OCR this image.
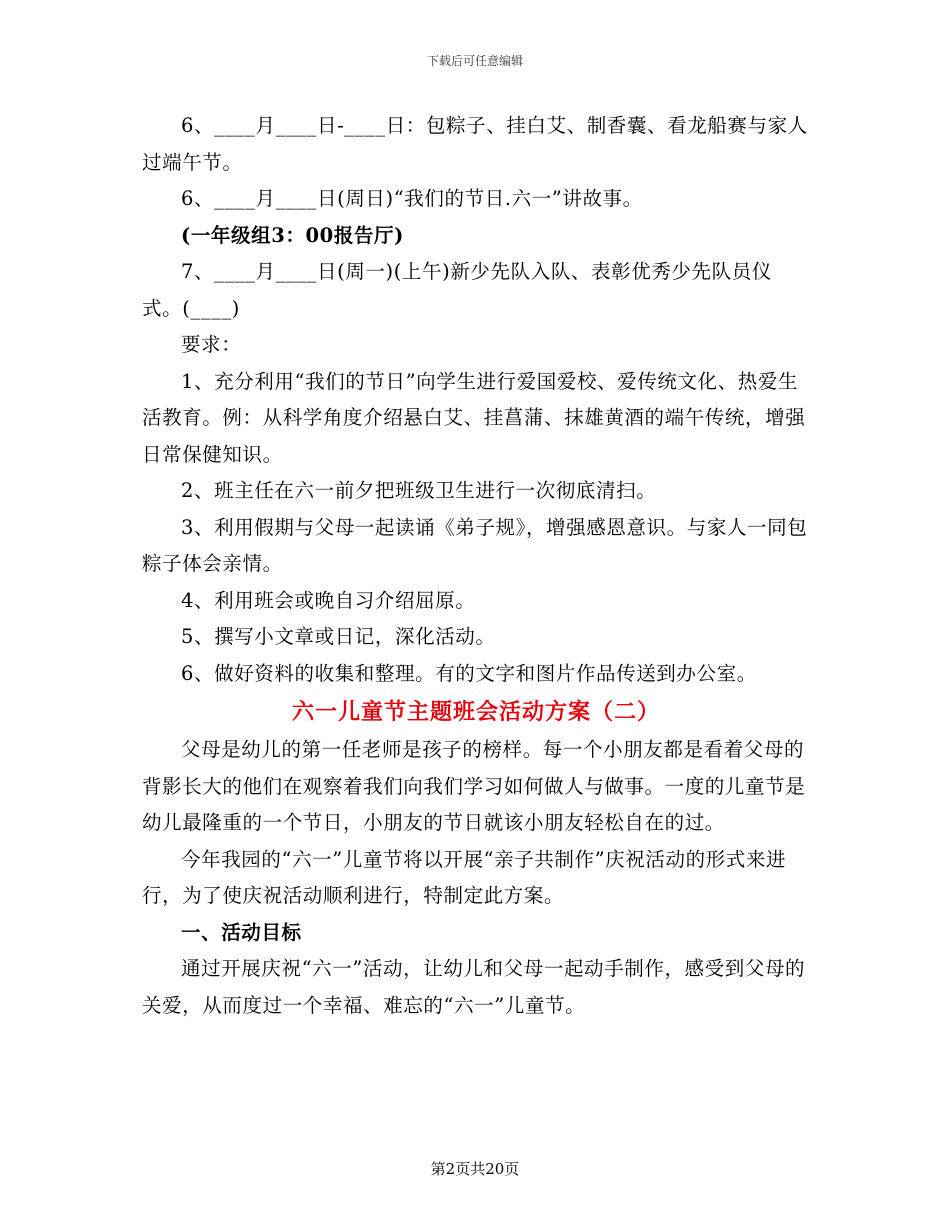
下载后可任意编辑

6、____月____日-____日：包粽子、挂白艾、制香囊、看龙船赛与家人过端午节。

6、____月____日(周日)“我们的节日.六一”讲故事。

(一年级组3：00报告厅)

7、____月____日(周一)(上午)新少先队入队、表彰优秀少先队员仪式。(____)

要求：

1、充分利用“我们的节日”向学生进行爱国爱校、爱传统文化、热爱生活教育。例：从科学角度介绍悬白艾、挂菖蒲、抹雄黄酒的端午传统，增强日常保健知识。

2、班主任在六一前夕把班级卫生进行一次彻底清扫。

3、利用假期与父母一起读诵《弟子规》，增强感恩意识。与家人一同包粽子体会亲情。

4、利用班会或晚自习介绍屈原。

5、撰写小文章或日记，深化活动。

6、做好资料的收集和整理。有的文字和图片作品传送到办公室。

六一儿童节主题班会活动方案（二）

父母是幼儿的第一任老师是孩子的榜样。每一个小朋友都是看着父母的背影长大的他们在观察着我们向我们学习如何做人与做事。一度的儿童节是幼儿最隆重的一个节日，小朋友的节日就该小朋友轻松自在的过。

今年我园的“六一”儿童节将以开展“亲子共制作”庆祝活动的形式来进行，为了使庆祝活动顺利进行，特制定此方案。

一、活动目标

通过开展庆祝“六一”活动，让幼儿和父母一起动手制作，感受到父母的关爱，从而度过一个幸福、难忘的“六一”儿童节。

第2页共20页
